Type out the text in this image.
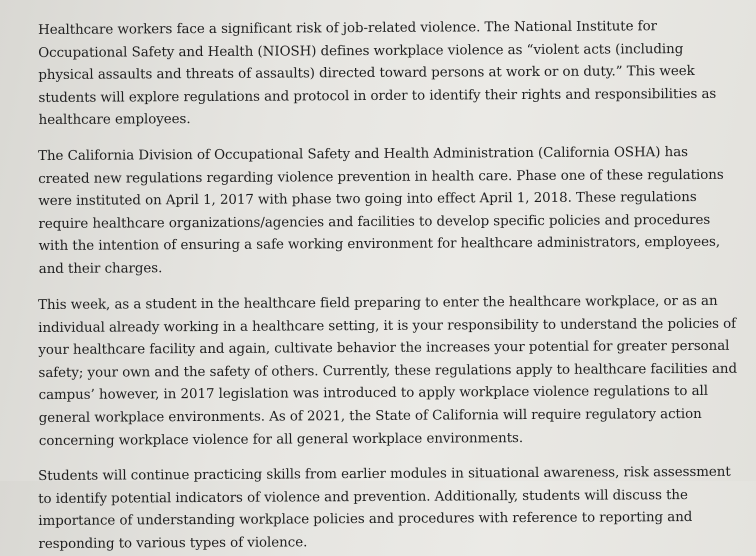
Healthcare workers face a significant risk of job-related violence. The National Institute for Occupational Safety and Health (NIOSH) defines workplace violence as “violent acts (including physical assaults and threats of assaults) directed toward persons at work or on duty.” This week students will explore regulations and protocol in order to identify their rights and responsibilities as healthcare employees.

The California Division of Occupational Safety and Health Administration (California OSHA) has created new regulations regarding violence prevention in health care. Phase one of these regulations were instituted on April 1, 2017 with phase two going into effect April 1, 2018. These regulations require healthcare organizations/agencies and facilities to develop specific policies and procedures with the intention of ensuring a safe working environment for healthcare administrators, employees, and their charges.

This week, as a student in the healthcare field preparing to enter the healthcare workplace, or as an individual already working in a healthcare setting, it is your responsibility to understand the policies of your healthcare facility and again, cultivate behavior the increases your potential for greater personal safety; your own and the safety of others. Currently, these regulations apply to healthcare facilities and campus’ however, in 2017 legislation was introduced to apply workplace violence regulations to all general workplace environments. As of 2021, the State of California will require regulatory action concerning workplace violence for all general workplace environments.

Students will continue practicing skills from earlier modules in situational awareness, risk assessment to identify potential indicators of violence and prevention. Additionally, students will discuss the importance of understanding workplace policies and procedures with reference to reporting and responding to various types of violence.
